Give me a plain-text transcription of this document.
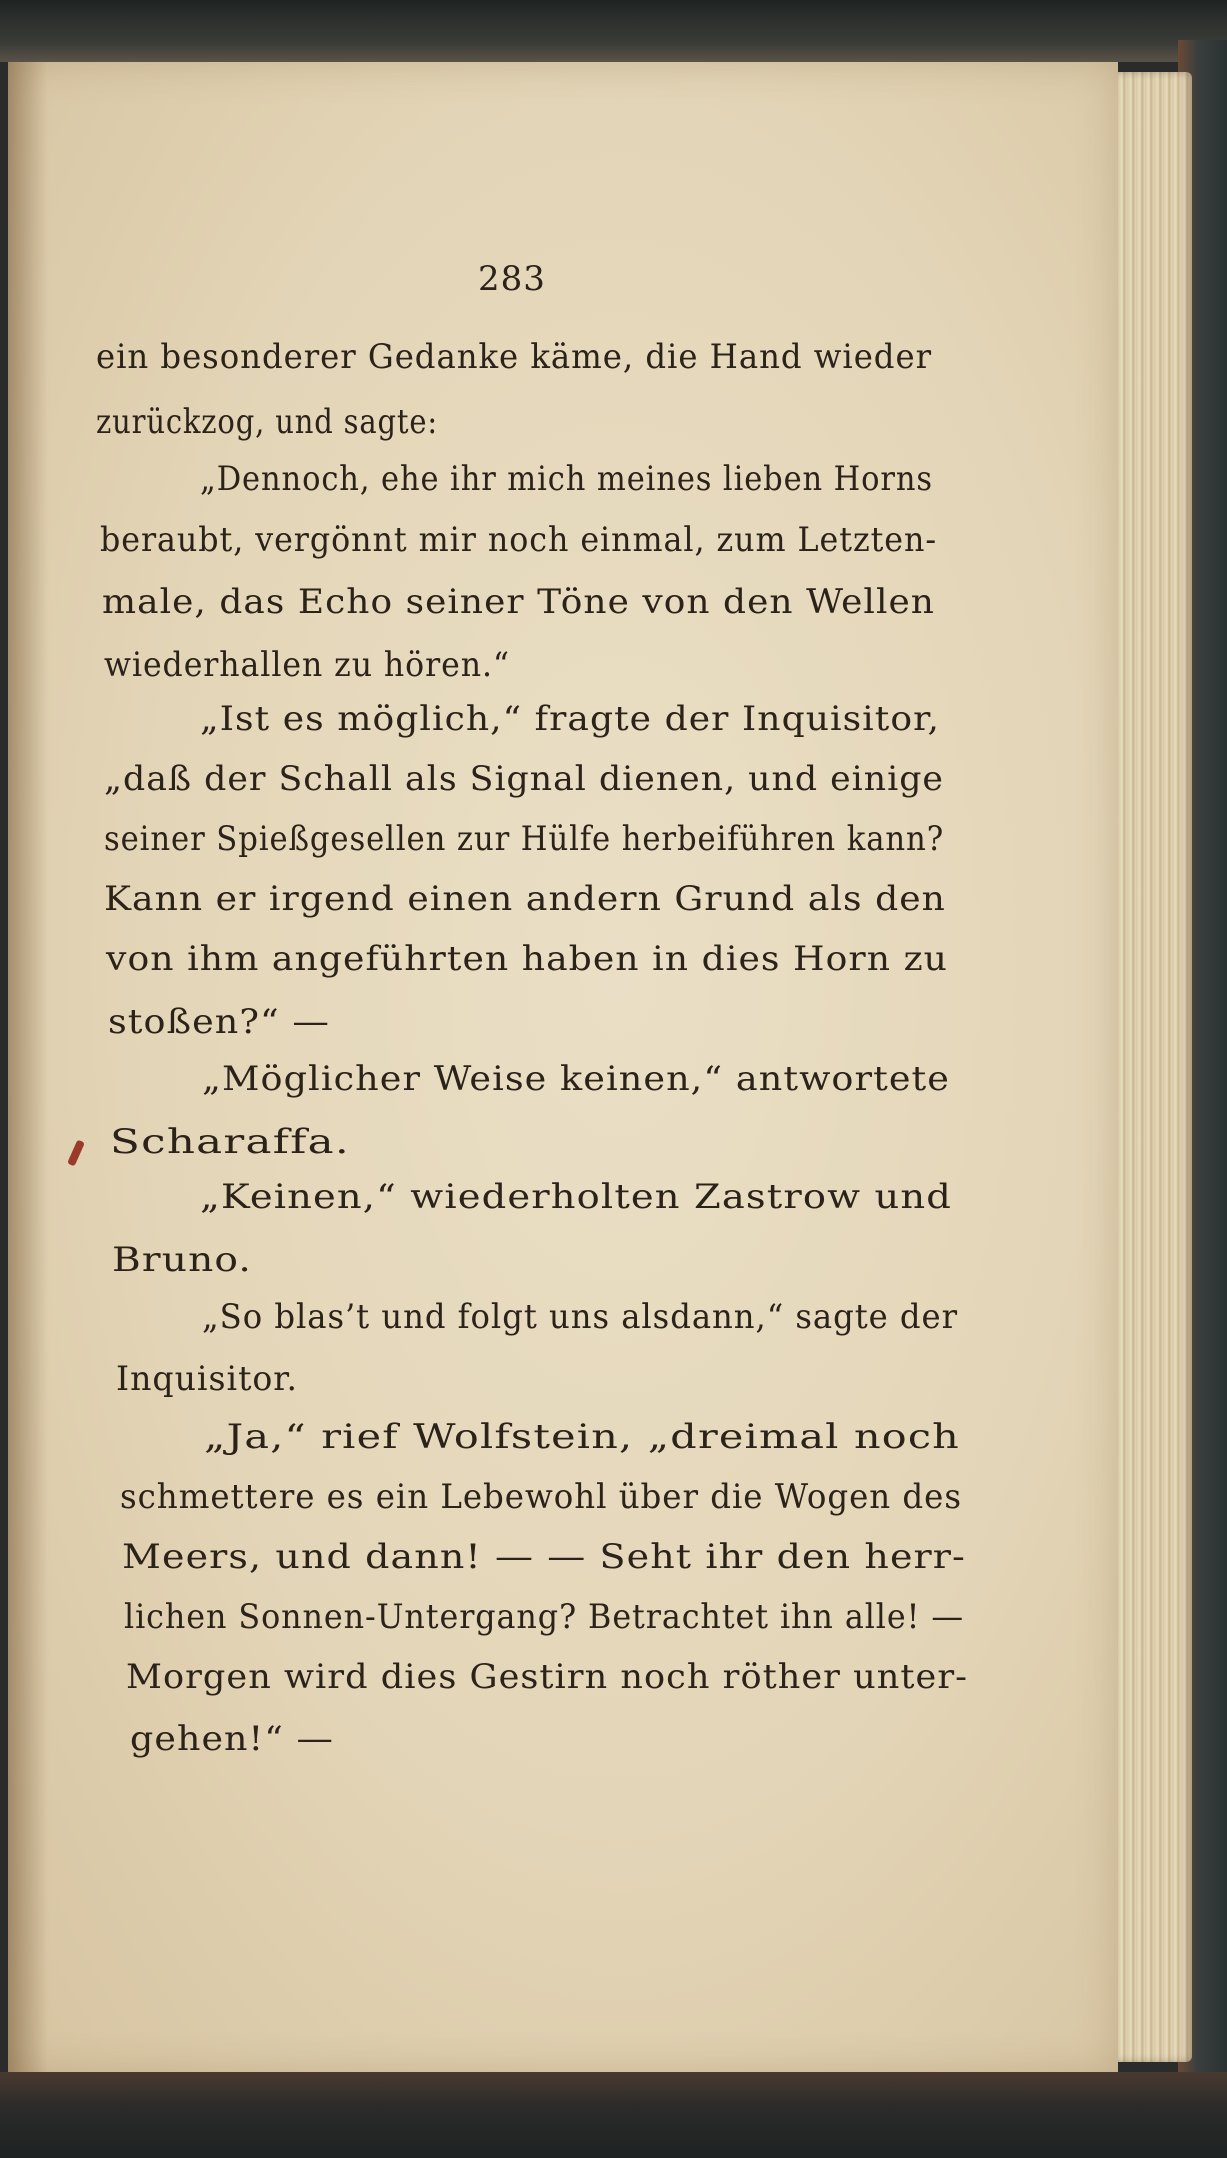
283
ein besonderer Gedanke käme, die Hand wieder
zurückzog, und sagte:
„Dennoch, ehe ihr mich meines lieben Horns
beraubt, vergönnt mir noch einmal, zum Letzten-
male, das Echo seiner Töne von den Wellen
wiederhallen zu hören.“
„Ist es möglich,“ fragte der Inquisitor,
„daß der Schall als Signal dienen, und einige
seiner Spießgesellen zur Hülfe herbeiführen kann?
Kann er irgend einen andern Grund als den
von ihm angeführten haben in dies Horn zu
stoßen?“ —
„Möglicher Weise keinen,“ antwortete
Scharaffa.
„Keinen,“ wiederholten Zastrow und
Bruno.
„So blas’t und folgt uns alsdann,“ sagte der
Inquisitor.
„Ja,“ rief Wolfstein, „dreimal noch
schmettere es ein Lebewohl über die Wogen des
Meers, und dann! — — Seht ihr den herr-
lichen Sonnen-Untergang? Betrachtet ihn alle! —
Morgen wird dies Gestirn noch röther unter-
gehen!“ —
